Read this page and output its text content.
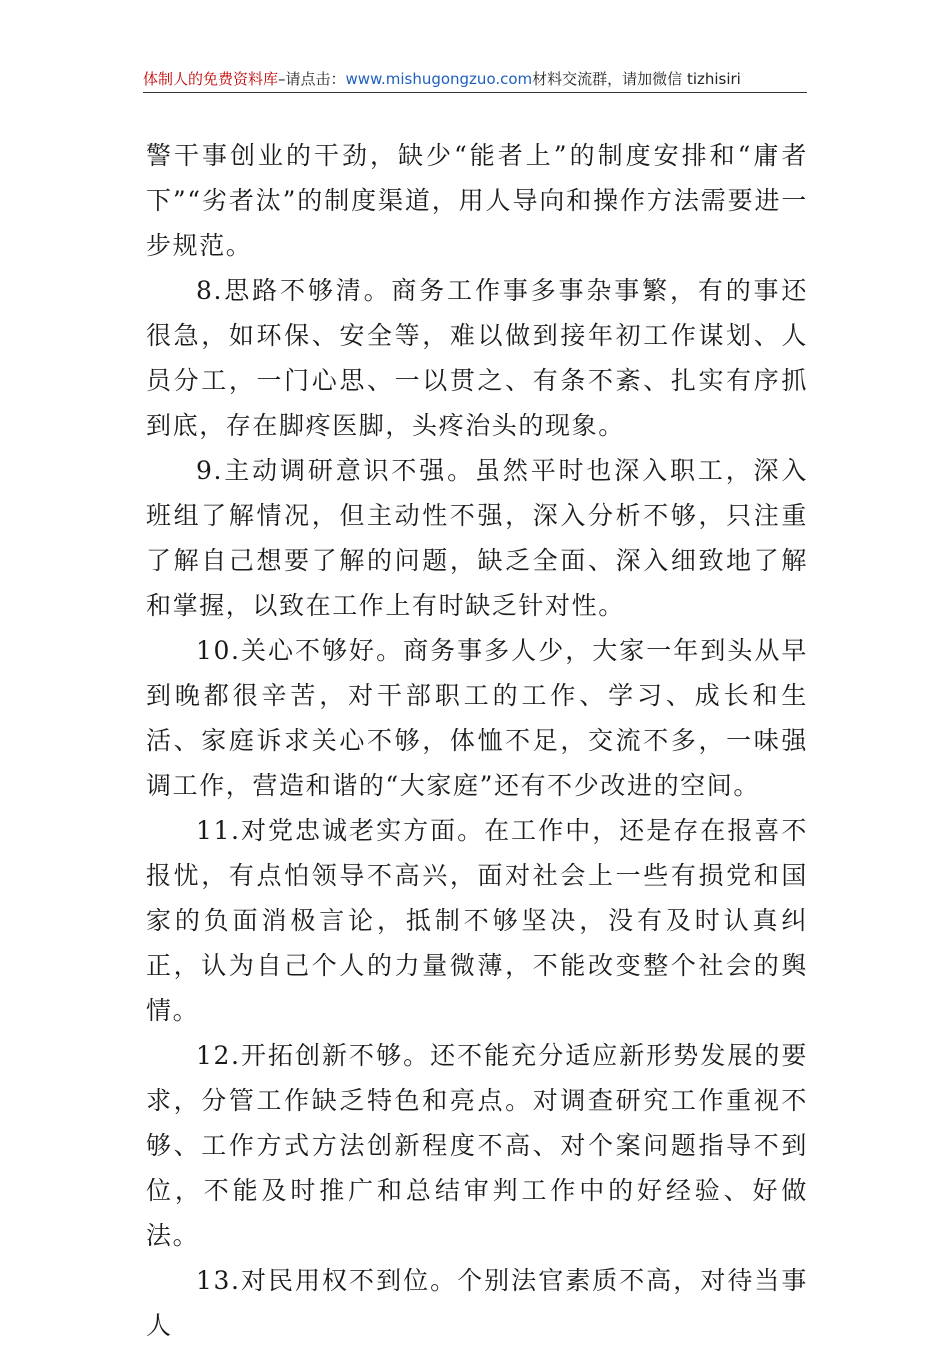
体制人的免费资料库–请点击：www.mishugongzuo.com材料交流群，请加微信 tizhisiri

警干事创业的干劲，缺少“能者上”的制度安排和“庸者下”“劣者汰”的制度渠道，用人导向和操作方法需要进一步规范。

8.思路不够清。商务工作事多事杂事繁，有的事还很急，如环保、安全等，难以做到接年初工作谋划、人员分工，一门心思、一以贯之、有条不紊、扎实有序抓到底，存在脚疼医脚，头疼治头的现象。

9.主动调研意识不强。虽然平时也深入职工，深入班组了解情况，但主动性不强，深入分析不够，只注重了解自己想要了解的问题，缺乏全面、深入细致地了解和掌握，以致在工作上有时缺乏针对性。

10.关心不够好。商务事多人少，大家一年到头从早到晚都很辛苦，对干部职工的工作、学习、成长和生活、家庭诉求关心不够，体恤不足，交流不多，一味强调工作，营造和谐的“大家庭”还有不少改进的空间。

11.对党忠诚老实方面。在工作中，还是存在报喜不报忧，有点怕领导不高兴，面对社会上一些有损党和国家的负面消极言论，抵制不够坚决，没有及时认真纠正，认为自己个人的力量微薄，不能改变整个社会的舆情。

12.开拓创新不够。还不能充分适应新形势发展的要求，分管工作缺乏特色和亮点。对调查研究工作重视不够、工作方式方法创新程度不高、对个案问题指导不到位，不能及时推广和总结审判工作中的好经验、好做法。

13.对民用权不到位。个别法官素质不高，对待当事人
